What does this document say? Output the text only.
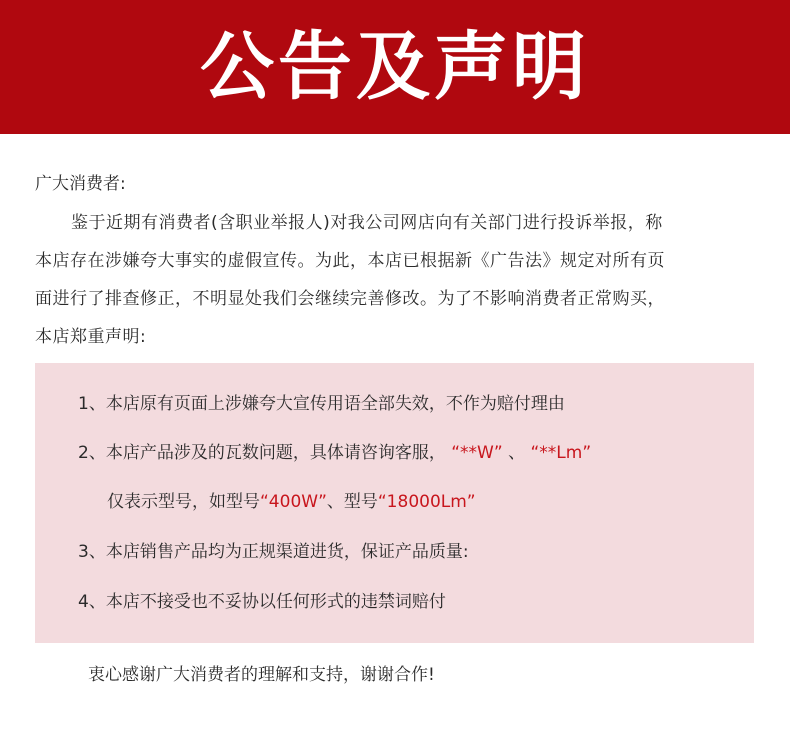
公告及声明
广大消费者:
鉴于近期有消费者(含职业举报人)对我公司网店向有关部门进行投诉举报，称
本店存在涉嫌夸大事实的虚假宣传。为此，本店已根据新《广告法》规定对所有页
面进行了排查修正，不明显处我们会继续完善修改。为了不影响消费者正常购买，
本店郑重声明:
1、本店原有页面上涉嫌夸大宣传用语全部失效，不作为赔付理由
2、本店产品涉及的瓦数问题，具体请咨询客服， “**W” 、 “**Lm”
仅表示型号，如型号“400W”、型号“18000Lm”
3、本店销售产品均为正规渠道进货，保证产品质量:
4、本店不接受也不妥协以任何形式的违禁词赔付
衷心感谢广大消费者的理解和支持，谢谢合作!
